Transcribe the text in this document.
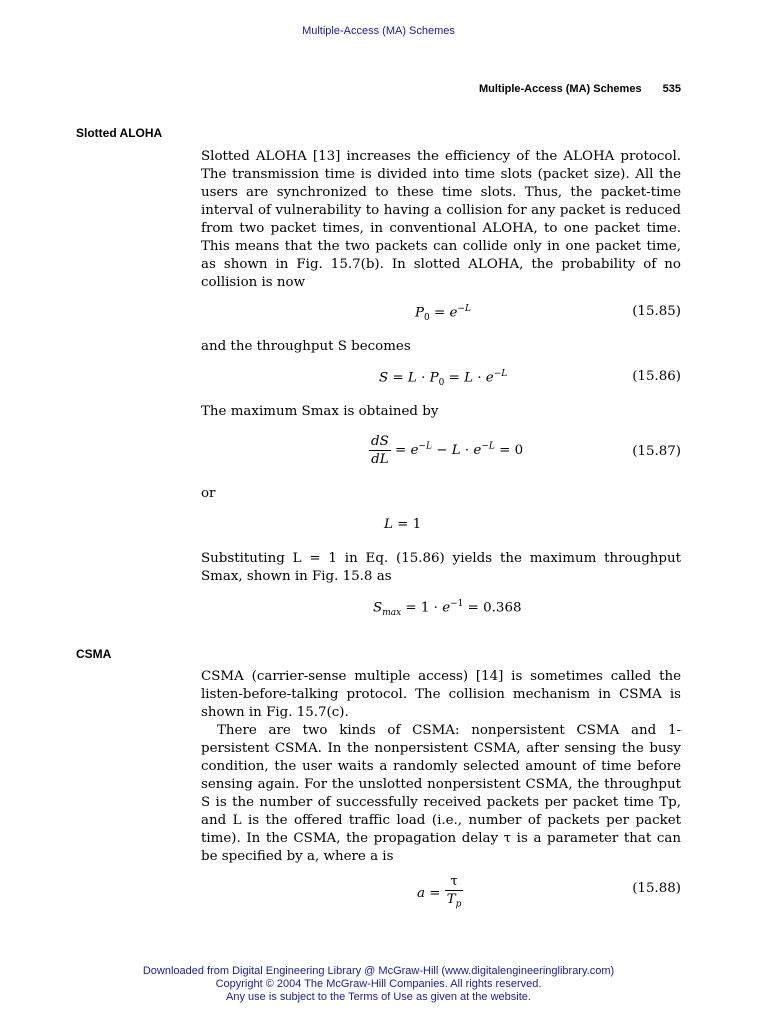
Multiple-Access (MA) Schemes
Multiple-Access (MA) Schemes 535
Slotted ALOHA
Slotted ALOHA [13] increases the efficiency of the ALOHA protocol. The transmission time is divided into time slots (packet size). All the users are synchronized to these time slots. Thus, the packet-time interval of vulnerability to having a collision for any packet is reduced from two packet times, in conventional ALOHA, to one packet time. This means that the two packets can collide only in one packet time, as shown in Fig. 15.7(b). In slotted ALOHA, the probability of no collision is now
$P_0 = e^{-L}$	(15.85)
and the throughput S becomes
$S = L \cdot P_0 = L \cdot e^{-L}$	(15.86)
The maximum Smax is obtained by
$\frac{dS}{dL} = e^{-L} - L \cdot e^{-L} = 0$	(15.87)
or
L = 1
Substituting L = 1 in Eq. (15.86) yields the maximum throughput Smax, shown in Fig. 15.8 as
$S_{max} = 1 \cdot e^{-1} = 0.368$
CSMA
CSMA (carrier-sense multiple access) [14] is sometimes called the listen-before-talking protocol. The collision mechanism in CSMA is shown in Fig. 15.7(c).
There are two kinds of CSMA: nonpersistent CSMA and 1-persistent CSMA. In the nonpersistent CSMA, after sensing the busy condition, the user waits a randomly selected amount of time before sensing again. For the unslotted nonpersistent CSMA, the throughput S is the number of successfully received packets per packet time Tp, and L is the offered traffic load (i.e., number of packets per packet time). In the CSMA, the propagation delay τ is a parameter that can be specified by a, where a is
$a = \frac{\tau}{T_p}$	(15.88)
Downloaded from Digital Engineering Library @ McGraw-Hill (www.digitalengineeringlibrary.com)
Copyright © 2004 The McGraw-Hill Companies. All rights reserved.
Any use is subject to the Terms of Use as given at the website.
